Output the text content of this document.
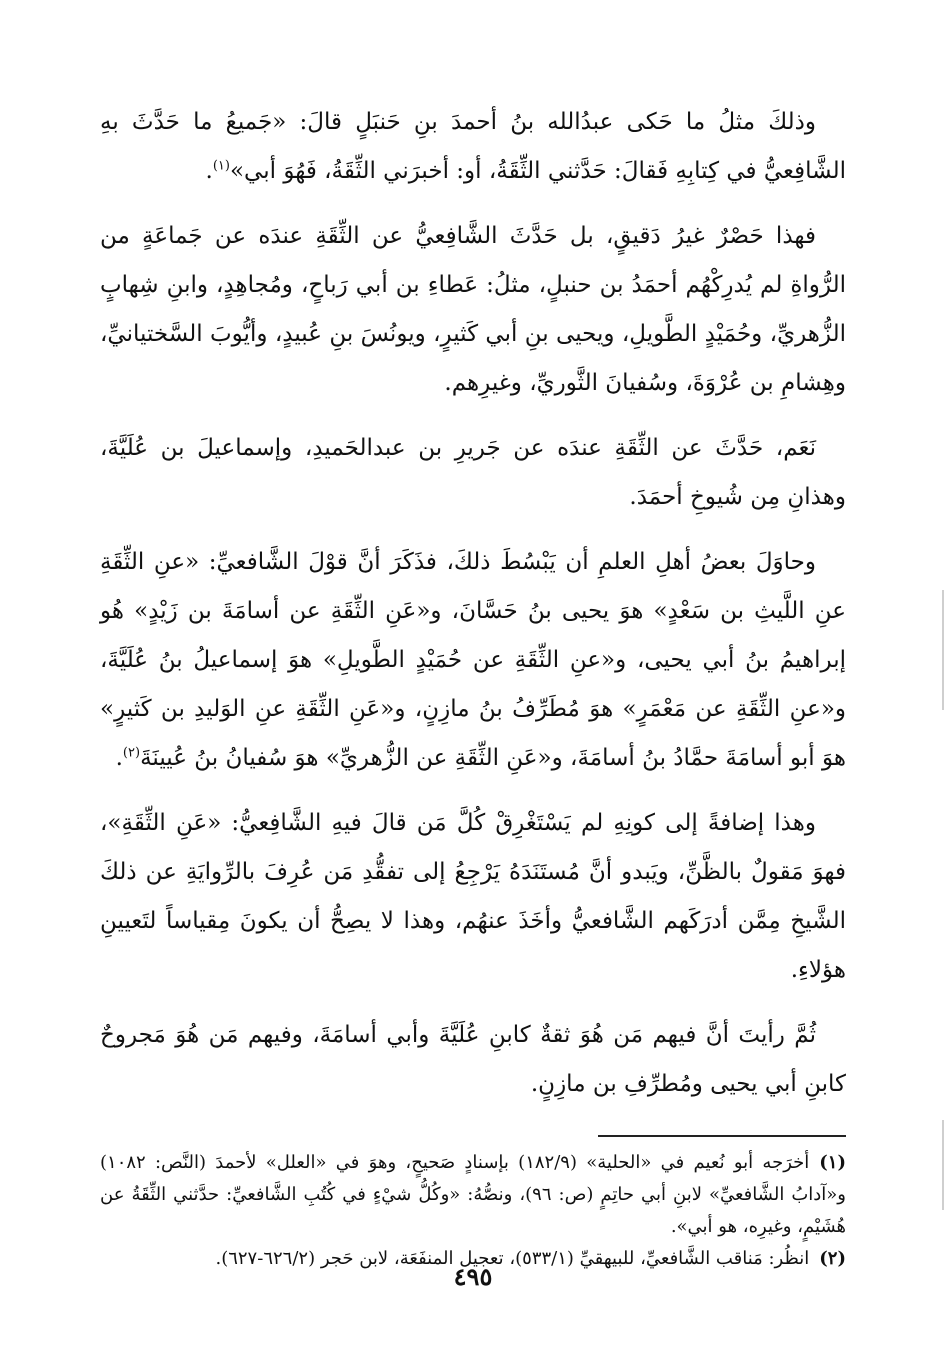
وذلكَ مثلُ ما حَكى عبدُالله بنُ أحمدَ بنِ حَنبَلٍ قالَ: «جَميعُ ما حَدَّثَ بهِ الشَّافِعيُّ في كِتابِهِ فَقالَ: حَدَّثني الثِّقَةُ، أو: أخبرَني الثِّقَةُ، فَهُوَ أبي»$^{(١)}$.

فهذا حَصْرٌ غيرُ دَقيقٍ، بل حَدَّثَ الشَّافِعيُّ عن الثِّقَةِ عندَه عن جَماعَةٍ من الرُّواةِ لم يُدرِكْهُم أحمَدُ بن حنبلٍ، مثلُ: عَطاءِ بن أبي رَباحٍ، ومُجاهِدٍ، وابنِ شِهابٍ الزُّهريِّ، وحُمَيْدٍ الطَّويلِ، ويحيى بنِ أبي كَثيرٍ، ويونُسَ بنِ عُبيدٍ، وأيُّوبَ السَّختيانيِّ، وهِشامِ بن عُرْوَةَ، وسُفيانَ الثَّوريِّ، وغيرِهم.

نَعَم، حَدَّثَ عن الثِّقَةِ عندَه عن جَريرِ بن عبدالحَميدِ، وإسماعيلَ بن عُلَيَّةَ، وهذانِ مِن شُيوخِ أحمَدَ.

وحاوَلَ بعضُ أهلِ العلمِ أن يَبْسُطَ ذلكَ، فذَكَرَ أنَّ قوْلَ الشَّافعيِّ: «عنِ الثِّقَةِ عنِ اللَّيثِ بن سَعْدٍ» هوَ يحيى بنُ حَسَّانَ، و«عَنِ الثِّقَةِ عن أسامَةَ بن زَيْدٍ» هُو إبراهيمُ بنُ أبي يحيى، و«عنِ الثِّقَةِ عن حُمَيْدٍ الطَّويلِ» هوَ إسماعيلُ بنُ عُلَيَّةَ، و«عنِ الثِّقَةِ عن مَعْمَرٍ» هوَ مُطَرِّفُ بنُ مازِنٍ، و«عَنِ الثِّقَةِ عنِ الوَليدِ بن كَثيرٍ» هوَ أبو أسامَةَ حمَّادُ بنُ أسامَةَ، و«عَنِ الثِّقَةِ عن الزُّهريِّ» هوَ سُفيانُ بنُ عُيينَةَ$^{(٢)}$.

وهذا إضافةً إلى كونِهِ لم يَسْتَغْرِقْ كُلَّ مَن قالَ فيهِ الشَّافِعيُّ: «عَنِ الثِّقَةِ»، فهوَ مَقولٌ بالظَّنِّ، ويَبدو أنَّ مُستَنَدَهُ يَرْجِعُ إلى تفقُّدِ مَن عُرِفَ بالرِّوايَةِ عن ذلكَ الشَّيخِ مِمَّن أدرَكَهم الشَّافعيُّ وأخَذَ عنهُم، وهذا لا يصِحُّ أن يكونَ مِقياساً لتَعيينِ هؤلاءِ.

ثُمَّ رأيتَ أنَّ فيهم مَن هُوَ ثقةٌ كابنِ عُلَيَّةَ وأبي أسامَةَ، وفيهم مَن هُوَ مَجروحٌ كابنِ أبي يحيى ومُطرِّفِ بن مازِنٍ.

(١)أخرَجه أبو نُعيم في «الحلية» (١٨٢/٩) بإسنادٍ صَحيحٍ، وهوَ في «العلل» لأحمدَ (النَّص: ١٠٨٢) و«آدابُ الشَّافعيِّ» لابنِ أبي حاتِمٍ (ص: ٩٦)، ونصُّهُ: «وكُلُّ شيْءٍ في كُتُبِ الشَّافعيِّ: حدَّثني الثِّقَةُ عن هُشَيْمٍ، وغيرِه، هو أبي».

(٢)انظُر: مَناقب الشَّافعيِّ، للبيهقيِّ (٥٣٣/١)، تعجيل المنفَعَة، لابن حَجر (٦٢٦/٢-٦٢٧).

٤٩٥
